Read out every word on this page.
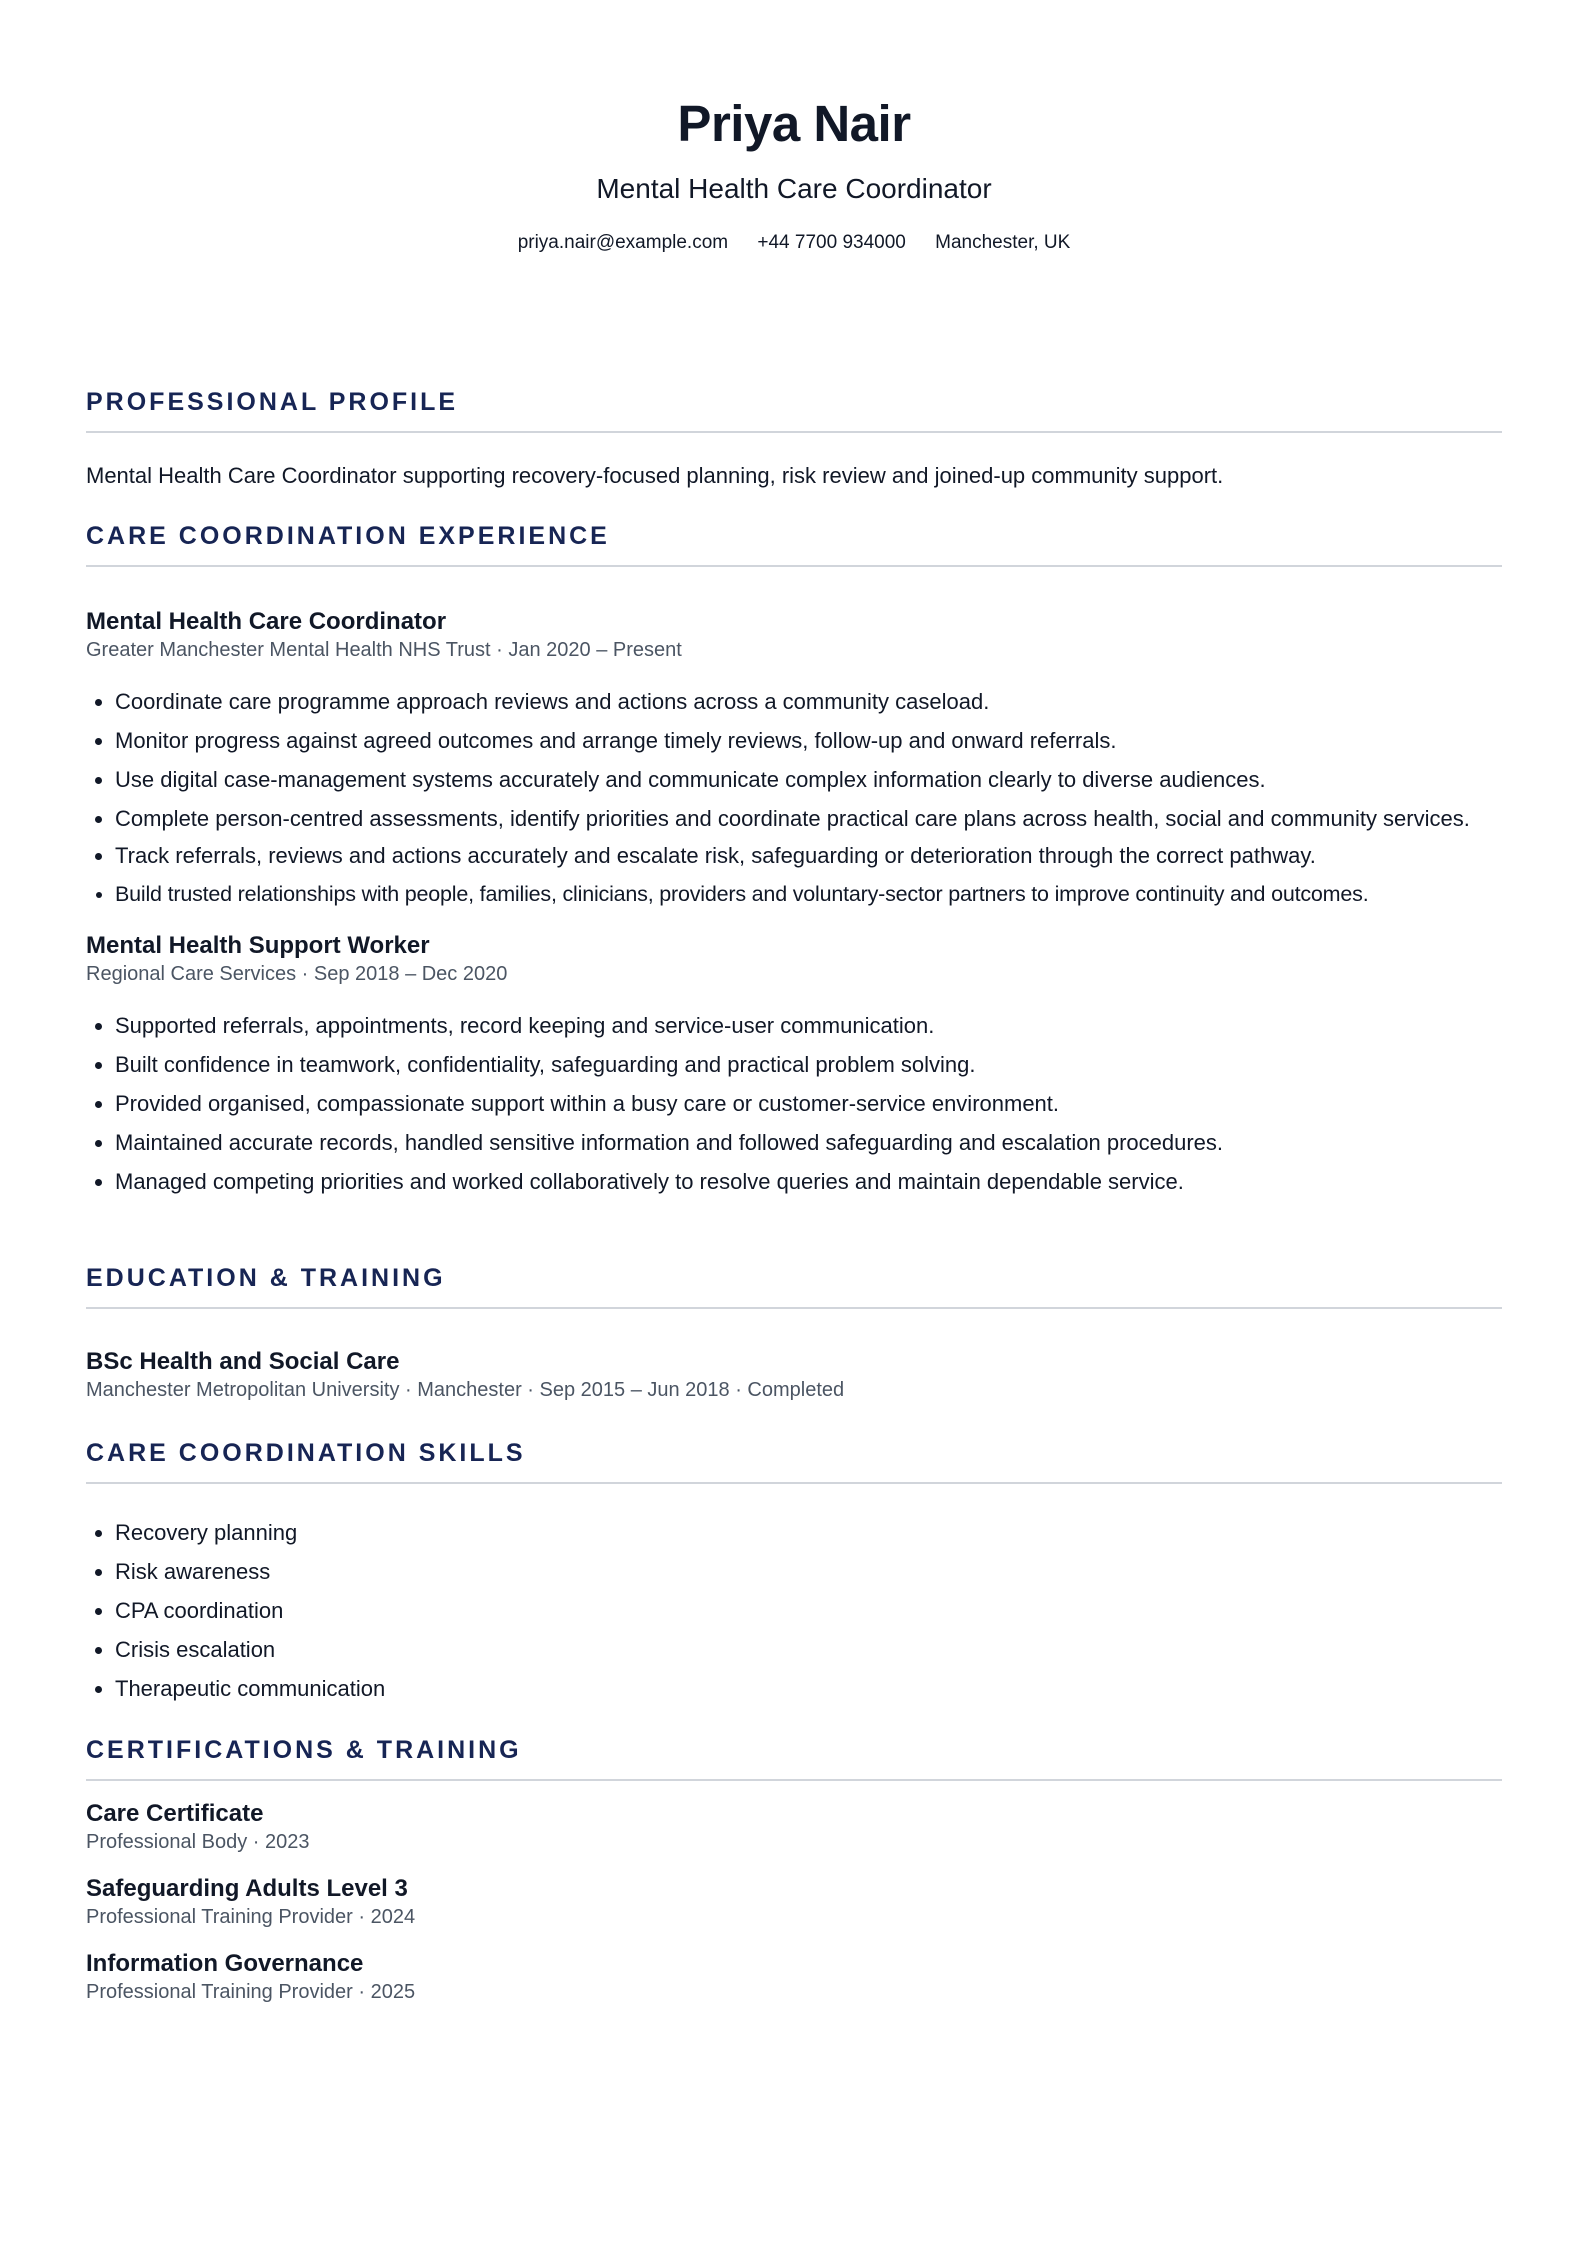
Priya Nair
Mental Health Care Coordinator
priya.nair@example.com +44 7700 934000 Manchester, UK
PROFESSIONAL PROFILE
Mental Health Care Coordinator supporting recovery-focused planning, risk review and joined-up community support.
CARE COORDINATION EXPERIENCE
Mental Health Care Coordinator
Greater Manchester Mental Health NHS Trust · Jan 2020 – Present
• Coordinate care programme approach reviews and actions across a community caseload.
• Monitor progress against agreed outcomes and arrange timely reviews, follow-up and onward referrals.
• Use digital case-management systems accurately and communicate complex information clearly to diverse audiences.
• Complete person-centred assessments, identify priorities and coordinate practical care plans across health, social and community services.
• Track referrals, reviews and actions accurately and escalate risk, safeguarding or deterioration through the correct pathway.
• Build trusted relationships with people, families, clinicians, providers and voluntary-sector partners to improve continuity and outcomes.
Mental Health Support Worker
Regional Care Services · Sep 2018 – Dec 2020
• Supported referrals, appointments, record keeping and service-user communication.
• Built confidence in teamwork, confidentiality, safeguarding and practical problem solving.
• Provided organised, compassionate support within a busy care or customer-service environment.
• Maintained accurate records, handled sensitive information and followed safeguarding and escalation procedures.
• Managed competing priorities and worked collaboratively to resolve queries and maintain dependable service.
EDUCATION & TRAINING
BSc Health and Social Care
Manchester Metropolitan University · Manchester · Sep 2015 – Jun 2018 · Completed
CARE COORDINATION SKILLS
• Recovery planning
• Risk awareness
• CPA coordination
• Crisis escalation
• Therapeutic communication
CERTIFICATIONS & TRAINING
Care Certificate
Professional Body · 2023
Safeguarding Adults Level 3
Professional Training Provider · 2024
Information Governance
Professional Training Provider · 2025
